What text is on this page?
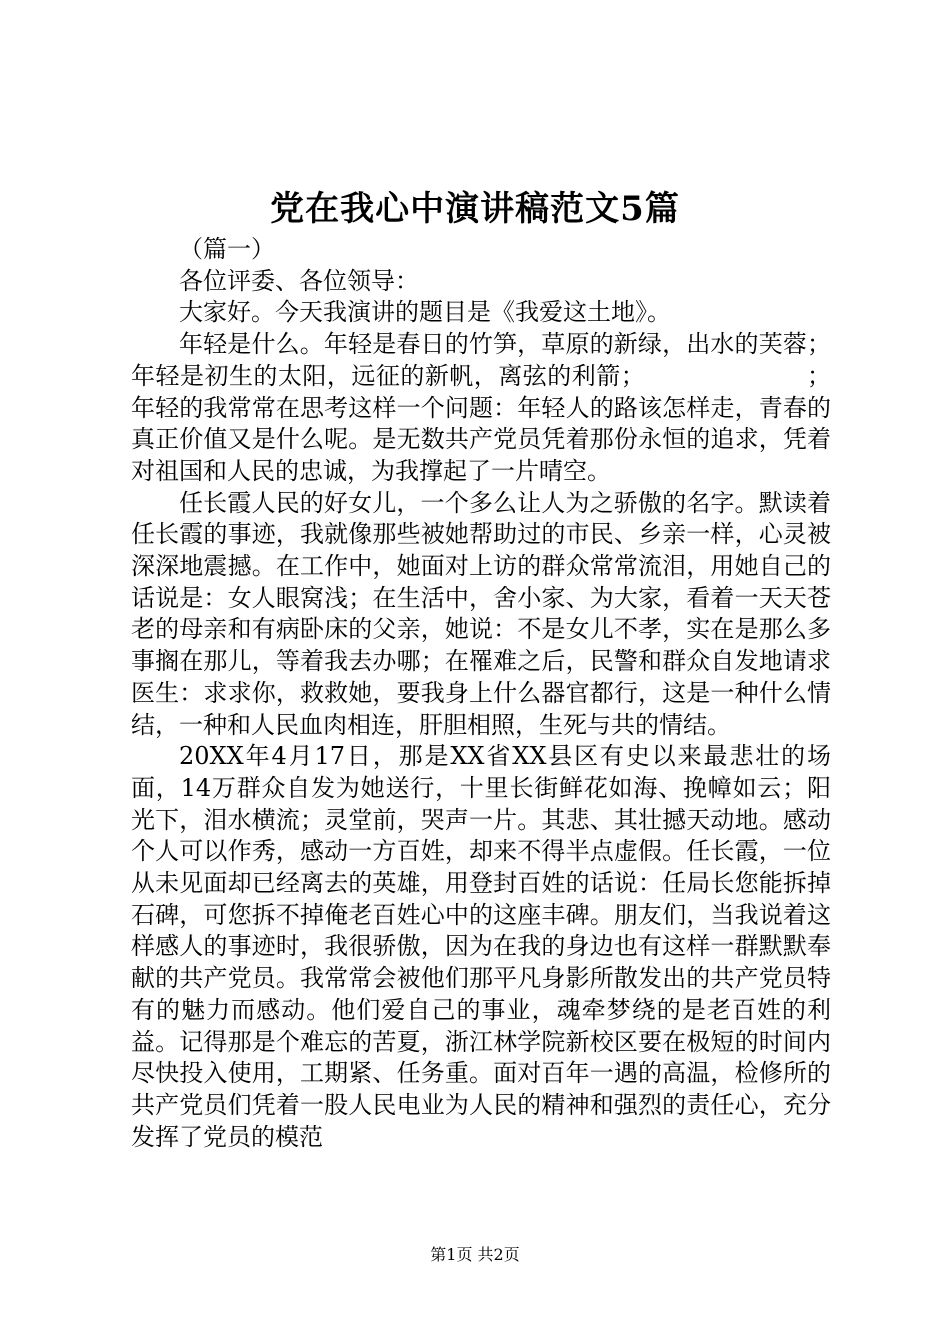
党在我心中演讲稿范文5篇

（篇一）

各位评委、各位领导：

大家好。今天我演讲的题目是《我爱这土地》。

年轻是什么。年轻是春日的竹笋，草原的新绿，出水的芙蓉；年轻是初生的太阳，远征的新帆，离弦的利箭；                    ；年轻的我常常在思考这样一个问题：年轻人的路该怎样走，青春的真正价值又是什么呢。是无数共产党员凭着那份永恒的追求，凭着对祖国和人民的忠诚，为我撑起了一片晴空。

任长霞人民的好女儿，一个多么让人为之骄傲的名字。默读着任长霞的事迹，我就像那些被她帮助过的市民、乡亲一样，心灵被深深地震撼。在工作中，她面对上访的群众常常流泪，用她自己的话说是：女人眼窝浅；在生活中，舍小家、为大家，看着一天天苍老的母亲和有病卧床的父亲，她说：不是女儿不孝，实在是那么多事搁在那儿，等着我去办哪；在罹难之后，民警和群众自发地请求医生：求求你，救救她，要我身上什么器官都行，这是一种什么情结，一种和人民血肉相连，肝胆相照，生死与共的情结。

20XX年4月17日，那是XX省XX县区有史以来最悲壮的场面，14万群众自发为她送行，十里长街鲜花如海、挽幛如云；阳光下，泪水横流；灵堂前，哭声一片。其悲、其壮撼天动地。感动个人可以作秀，感动一方百姓，却来不得半点虚假。任长霞，一位从未见面却已经离去的英雄，用登封百姓的话说：任局长您能拆掉石碑，可您拆不掉俺老百姓心中的这座丰碑。朋友们，当我说着这样感人的事迹时，我很骄傲，因为在我的身边也有这样一群默默奉献的共产党员。我常常会被他们那平凡身影所散发出的共产党员特有的魅力而感动。他们爱自己的事业，魂牵梦绕的是老百姓的利益。记得那是个难忘的苦夏，浙江林学院新校区要在极短的时间内尽快投入使用，工期紧、任务重。面对百年一遇的高温，检修所的共产党员们凭着一股人民电业为人民的精神和强烈的责任心，充分发挥了党员的模范

第1页 共2页
